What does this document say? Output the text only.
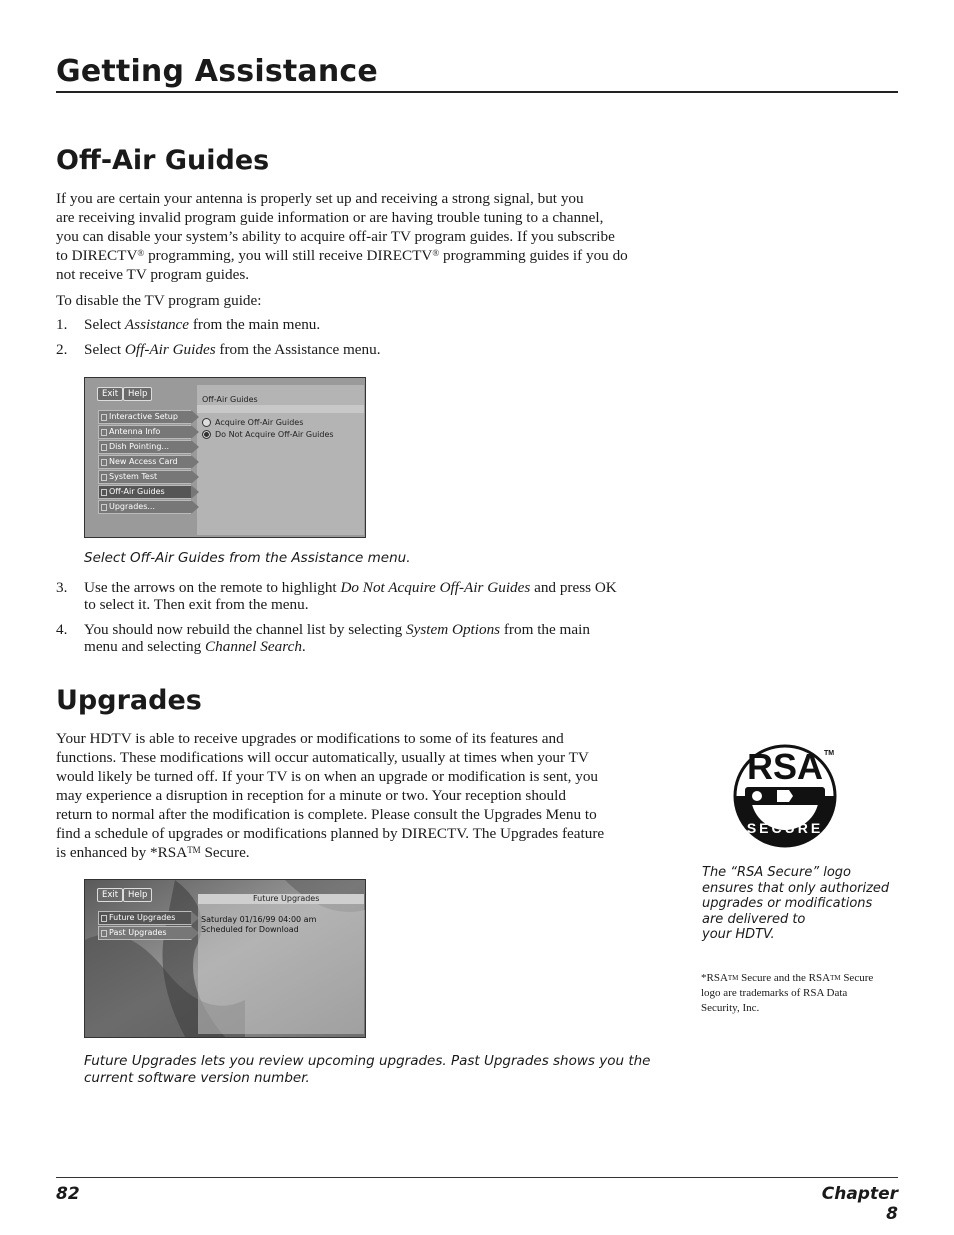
Getting Assistance
Off-Air Guides
If you are certain your antenna is properly set up and receiving a strong signal, but you
are receiving invalid program guide information or are having trouble tuning to a channel,
you can disable your system’s ability to acquire off-air TV program guides. If you subscribe
to DIRECTV® programming, you will still receive DIRECTV® programming guides if you do
not receive TV program guides.
To disable the TV program guide:
1. Select Assistance from the main menu.
2. Select Off-Air Guides from the Assistance menu.
Exit	Help
Off-Air Guides
Acquire Off-Air Guides
Do Not Acquire Off-Air Guides
Interactive Setup
Antenna Info
Dish Pointing...
New Access Card
System Test
Off-Air Guides
Upgrades...
Select Off-Air Guides from the Assistance menu.
3. Use the arrows on the remote to highlight Do Not Acquire Off-Air Guides and press OK
to select it. Then exit from the menu.
4. You should now rebuild the channel list by selecting System Options from the main
menu and selecting Channel Search.
Upgrades
Your HDTV is able to receive upgrades or modifications to some of its features and
functions. These modifications will occur automatically, usually at times when your TV
would likely be turned off. If your TV is on when an upgrade or modification is sent, you
may experience a disruption in reception for a minute or two. Your reception should
return to normal after the modification is complete. Please consult the Upgrades Menu to
find a schedule of upgrades or modifications planned by DIRECTV. The Upgrades feature
is enhanced by *RSA™ Secure.
Exit	Help
Future Upgrades
Past Upgrades
Future Upgrades
Saturday 01/16/99 04:00 am
Scheduled for Download
Future Upgrades lets you review upcoming upgrades. Past Upgrades shows you the
current software version number.
RSA TM
SECURE
The “RSA Secure” logo
ensures that only authorized
upgrades or modifications
are delivered to
your HDTV.
*RSA™ Secure and the RSA™ Secure
logo are trademarks of RSA Data
Security, Inc.
82	Chapter 8
